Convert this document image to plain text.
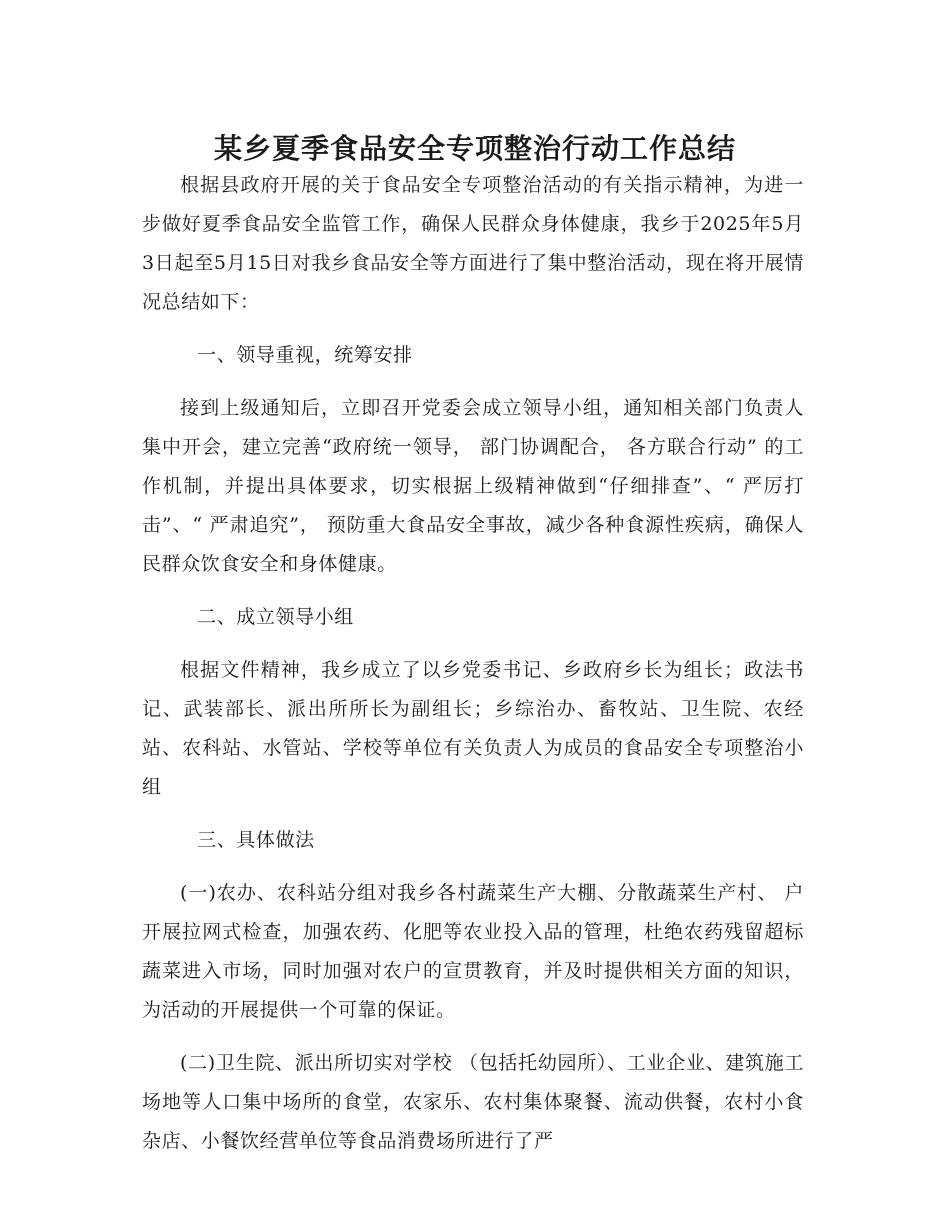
某乡夏季食品安全专项整治行动工作总结

根据县政府开展的关于食品安全专项整治活动的有关指示精神，为进一步做好夏季食品安全监管工作，确保人民群众身体健康，我乡于2025年5月3日起至5月15日对我乡食品安全等方面进行了集中整治活动，现在将开展情况总结如下：

一、领导重视，统筹安排

接到上级通知后，立即召开党委会成立领导小组，通知相关部门负责人集中开会，建立完善“政府统一领导， 部门协调配合， 各方联合行动” 的工作机制，并提出具体要求，切实根据上级精神做到“仔细排查”、“ 严厉打击”、“ 严肃追究”， 预防重大食品安全事故，减少各种食源性疾病，确保人民群众饮食安全和身体健康。

二、成立领导小组

根据文件精神，我乡成立了以乡党委书记、乡政府乡长为组长；政法书记、武装部长、派出所所长为副组长；乡综治办、畜牧站、卫生院、农经站、农科站、水管站、学校等单位有关负责人为成员的食品安全专项整治小组

三、具体做法

(一)农办、农科站分组对我乡各村蔬菜生产大棚、分散蔬菜生产村、 户开展拉网式检查，加强农药、化肥等农业投入品的管理，杜绝农药残留超标蔬菜进入市场，同时加强对农户的宣贯教育，并及时提供相关方面的知识，为活动的开展提供一个可靠的保证。

(二)卫生院、派出所切实对学校 （包括托幼园所）、工业企业、建筑施工场地等人口集中场所的食堂，农家乐、农村集体聚餐、流动供餐，农村小食杂店、小餐饮经营单位等食品消费场所进行了严
